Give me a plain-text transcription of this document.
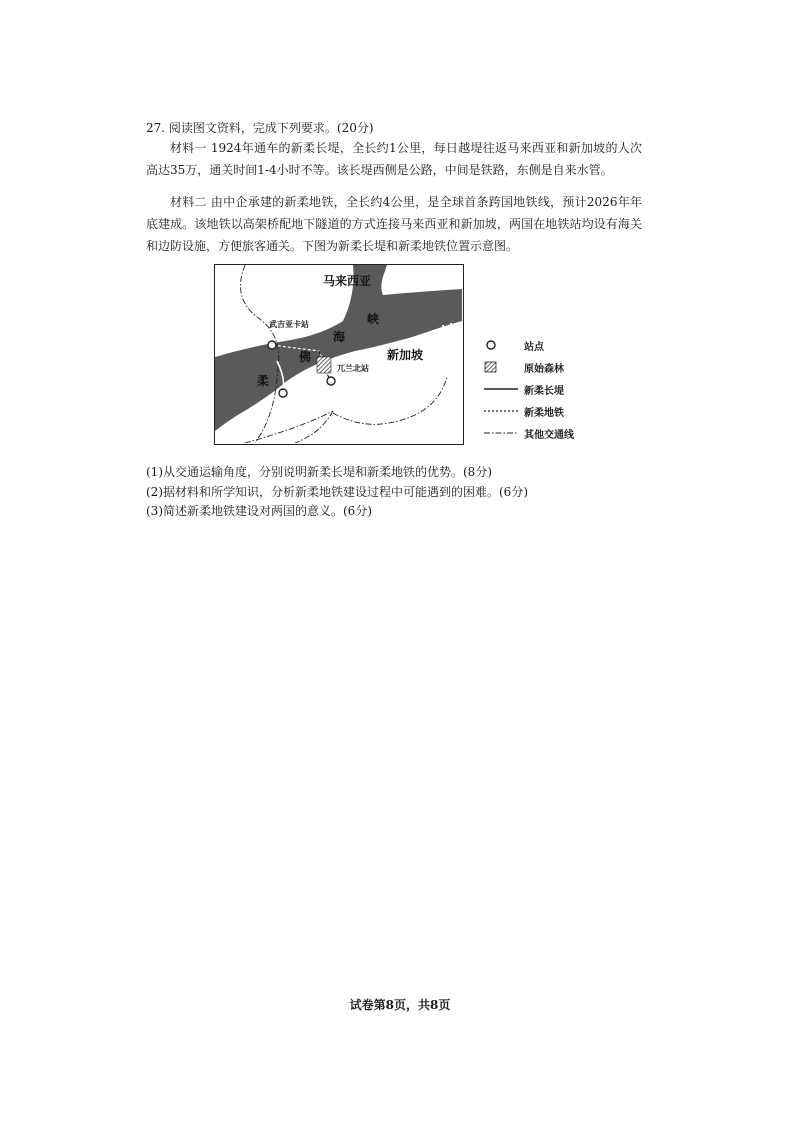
27. 阅读图文资料，完成下列要求。(20分)
材料一 1924年通车的新柔长堤，全长约1公里，每日越堤往返马来西亚和新加坡的人次高达35万，通关时间1-4小时不等。该长堤西侧是公路，中间是铁路，东侧是自来水管。
材料二 由中企承建的新柔地铁，全长约4公里，是全球首条跨国地铁线，预计2026年年底建成。该地铁以高架桥配地下隧道的方式连接马来西亚和新加坡，两国在地铁站均设有海关和边防设施，方便旅客通关。下图为新柔长堤和新柔地铁位置示意图。
马来西亚
新加坡
柔
佛
海
峡
武吉亚卡站
兀兰北站
站点
原始森林
新柔长堤
新柔地铁
其他交通线
(1)从交通运输角度，分别说明新柔长堤和新柔地铁的优势。(8分)
(2)据材料和所学知识，分析新柔地铁建设过程中可能遇到的困难。(6分)
(3)简述新柔地铁建设对两国的意义。(6分)
试卷第8页，共8页
